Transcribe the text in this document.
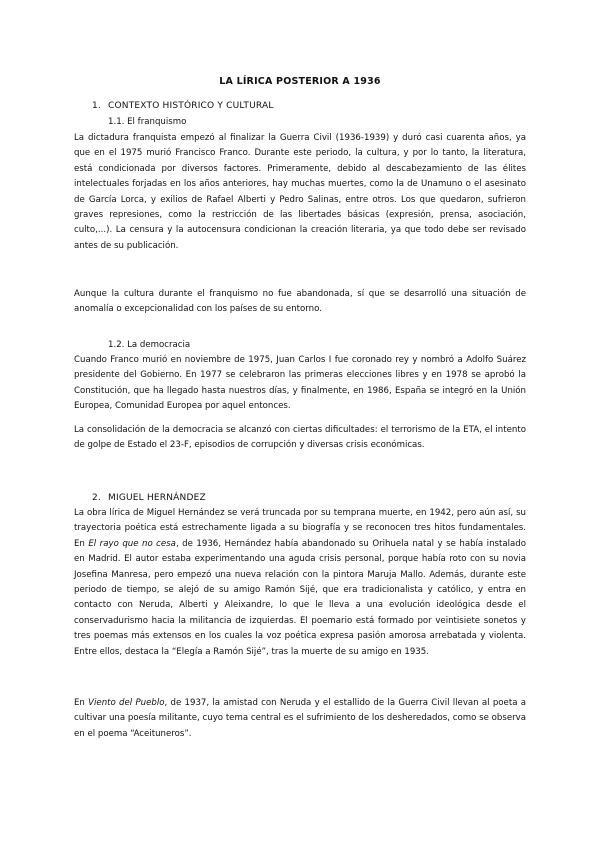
LA LÍRICA POSTERIOR A 1936
1. CONTEXTO HISTÓRICO Y CULTURAL
1.1. El franquismo
La dictadura franquista empezó al finalizar la Guerra Civil (1936-1939) y duró casi cuarenta años, ya que en el 1975 murió Francisco Franco. Durante este periodo, la cultura, y por lo tanto, la literatura, está condicionada por diversos factores. Primeramente, debido al descabezamiento de las élites intelectuales forjadas en los años anteriores, hay muchas muertes, como la de Unamuno o el asesinato de García Lorca, y exilios de Rafael Alberti y Pedro Salinas, entre otros. Los que quedaron, sufrieron graves represiones, como la restricción de las libertades básicas (expresión, prensa, asociación, culto,...). La censura y la autocensura condicionan la creación literaria, ya que todo debe ser revisado antes de su publicación.
Aunque la cultura durante el franquismo no fue abandonada, sí que se desarrolló una situación de anomalía o excepcionalidad con los países de su entorno.
1.2. La democracia
Cuando Franco murió en noviembre de 1975, Juan Carlos I fue coronado rey y nombró a Adolfo Suárez presidente del Gobierno. En 1977 se celebraron las primeras elecciones libres y en 1978 se aprobó la Constitución, que ha llegado hasta nuestros días, y finalmente, en 1986, España se integró en la Unión Europea, Comunidad Europea por aquel entonces.
La consolidación de la democracia se alcanzó con ciertas dificultades: el terrorismo de la ETA, el intento de golpe de Estado el 23-F, episodios de corrupción y diversas crisis económicas.
2. MIGUEL HERNÁNDEZ
La obra lírica de Miguel Hernández se verá truncada por su temprana muerte, en 1942, pero aún así, su trayectoria poética está estrechamente ligada a su biografía y se reconocen tres hitos fundamentales. En El rayo que no cesa, de 1936, Hernández había abandonado su Orihuela natal y se había instalado en Madrid. El autor estaba experimentando una aguda crisis personal, porque había roto con su novia Josefina Manresa, pero empezó una nueva relación con la pintora Maruja Mallo. Además, durante este periodo de tiempo, se alejó de su amigo Ramón Sijé, que era tradicionalista y católico, y entra en contacto con Neruda, Alberti y Aleixandre, lo que le lleva a una evolución ideológica desde el conservadurismo hacia la militancia de izquierdas. El poemario está formado por veintisiete sonetos y tres poemas más extensos en los cuales la voz poética expresa pasión amorosa arrebatada y violenta. Entre ellos, destaca la “Elegía a Ramón Sijé”, tras la muerte de su amigo en 1935.
En Viento del Pueblo, de 1937, la amistad con Neruda y el estallido de la Guerra Civil llevan al poeta a cultivar una poesía militante, cuyo tema central es el sufrimiento de los desheredados, como se observa en el poema “Aceituneros”.
